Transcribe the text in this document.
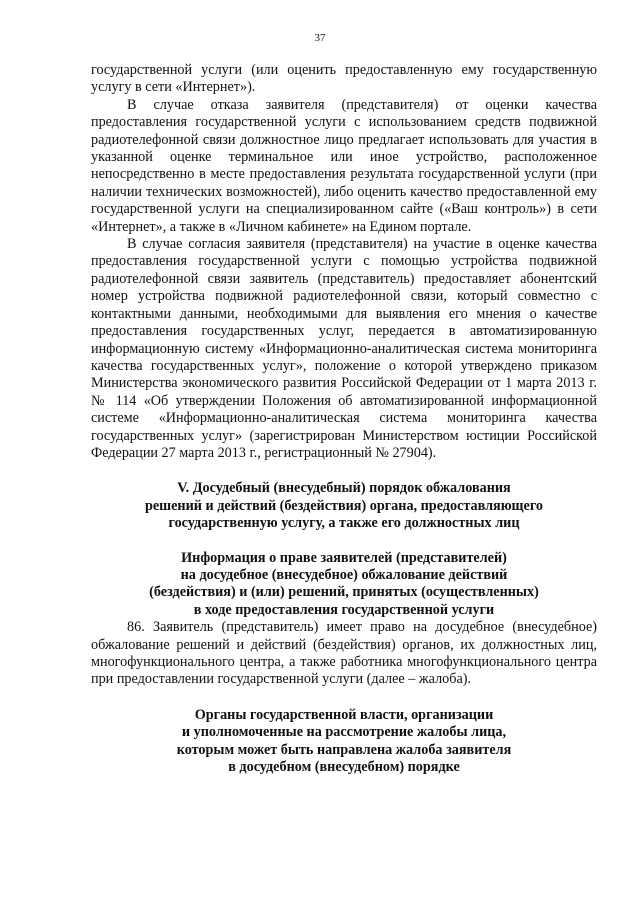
37

государственной услуги (или оценить предоставленную ему государственную услугу в сети «Интернет»).

В случае отказа заявителя (представителя) от оценки качества предоставления государственной услуги с использованием средств подвижной радиотелефонной связи должностное лицо предлагает использовать для участия в указанной оценке терминальное или иное устройство, расположенное непосредственно в месте предоставления результата государственной услуги (при наличии технических возможностей), либо оценить качество предоставленной ему государственной услуги на специализированном сайте («Ваш контроль») в сети «Интернет», а также в «Личном кабинете» на Едином портале.

В случае согласия заявителя (представителя) на участие в оценке качества предоставления государственной услуги с помощью устройства подвижной радиотелефонной связи заявитель (представитель) предоставляет абонентский номер устройства подвижной радиотелефонной связи, который совместно с контактными данными, необходимыми для выявления его мнения о качестве предоставления государственных услуг, передается в автоматизированную информационную систему «Информационно-аналитическая система мониторинга качества государственных услуг», положение о которой утверждено приказом Министерства экономического развития Российской Федерации от 1 марта 2013 г. № 114 «Об утверждении Положения об автоматизированной информационной системе «Информационно-аналитическая система мониторинга качества государственных услуг» (зарегистрирован Министерством юстиции Российской Федерации 27 марта 2013 г., регистрационный № 27904).

V. Досудебный (внесудебный) порядок обжалования
решений и действий (бездействия) органа, предоставляющего
государственную услугу, а также его должностных лиц
Информация о праве заявителей (представителей)
на досудебное (внесудебное) обжалование действий
(бездействия) и (или) решений, принятых (осуществленных)
в ходе предоставления государственной услуги

86. Заявитель (представитель) имеет право на досудебное (внесудебное) обжалование решений и действий (бездействия) органов, их должностных лиц, многофункционального центра, а также работника многофункционального центра при предоставлении государственной услуги (далее – жалоба).

Органы государственной власти, организации
и уполномоченные на рассмотрение жалобы лица,
которым может быть направлена жалоба заявителя
в досудебном (внесудебном) порядке
